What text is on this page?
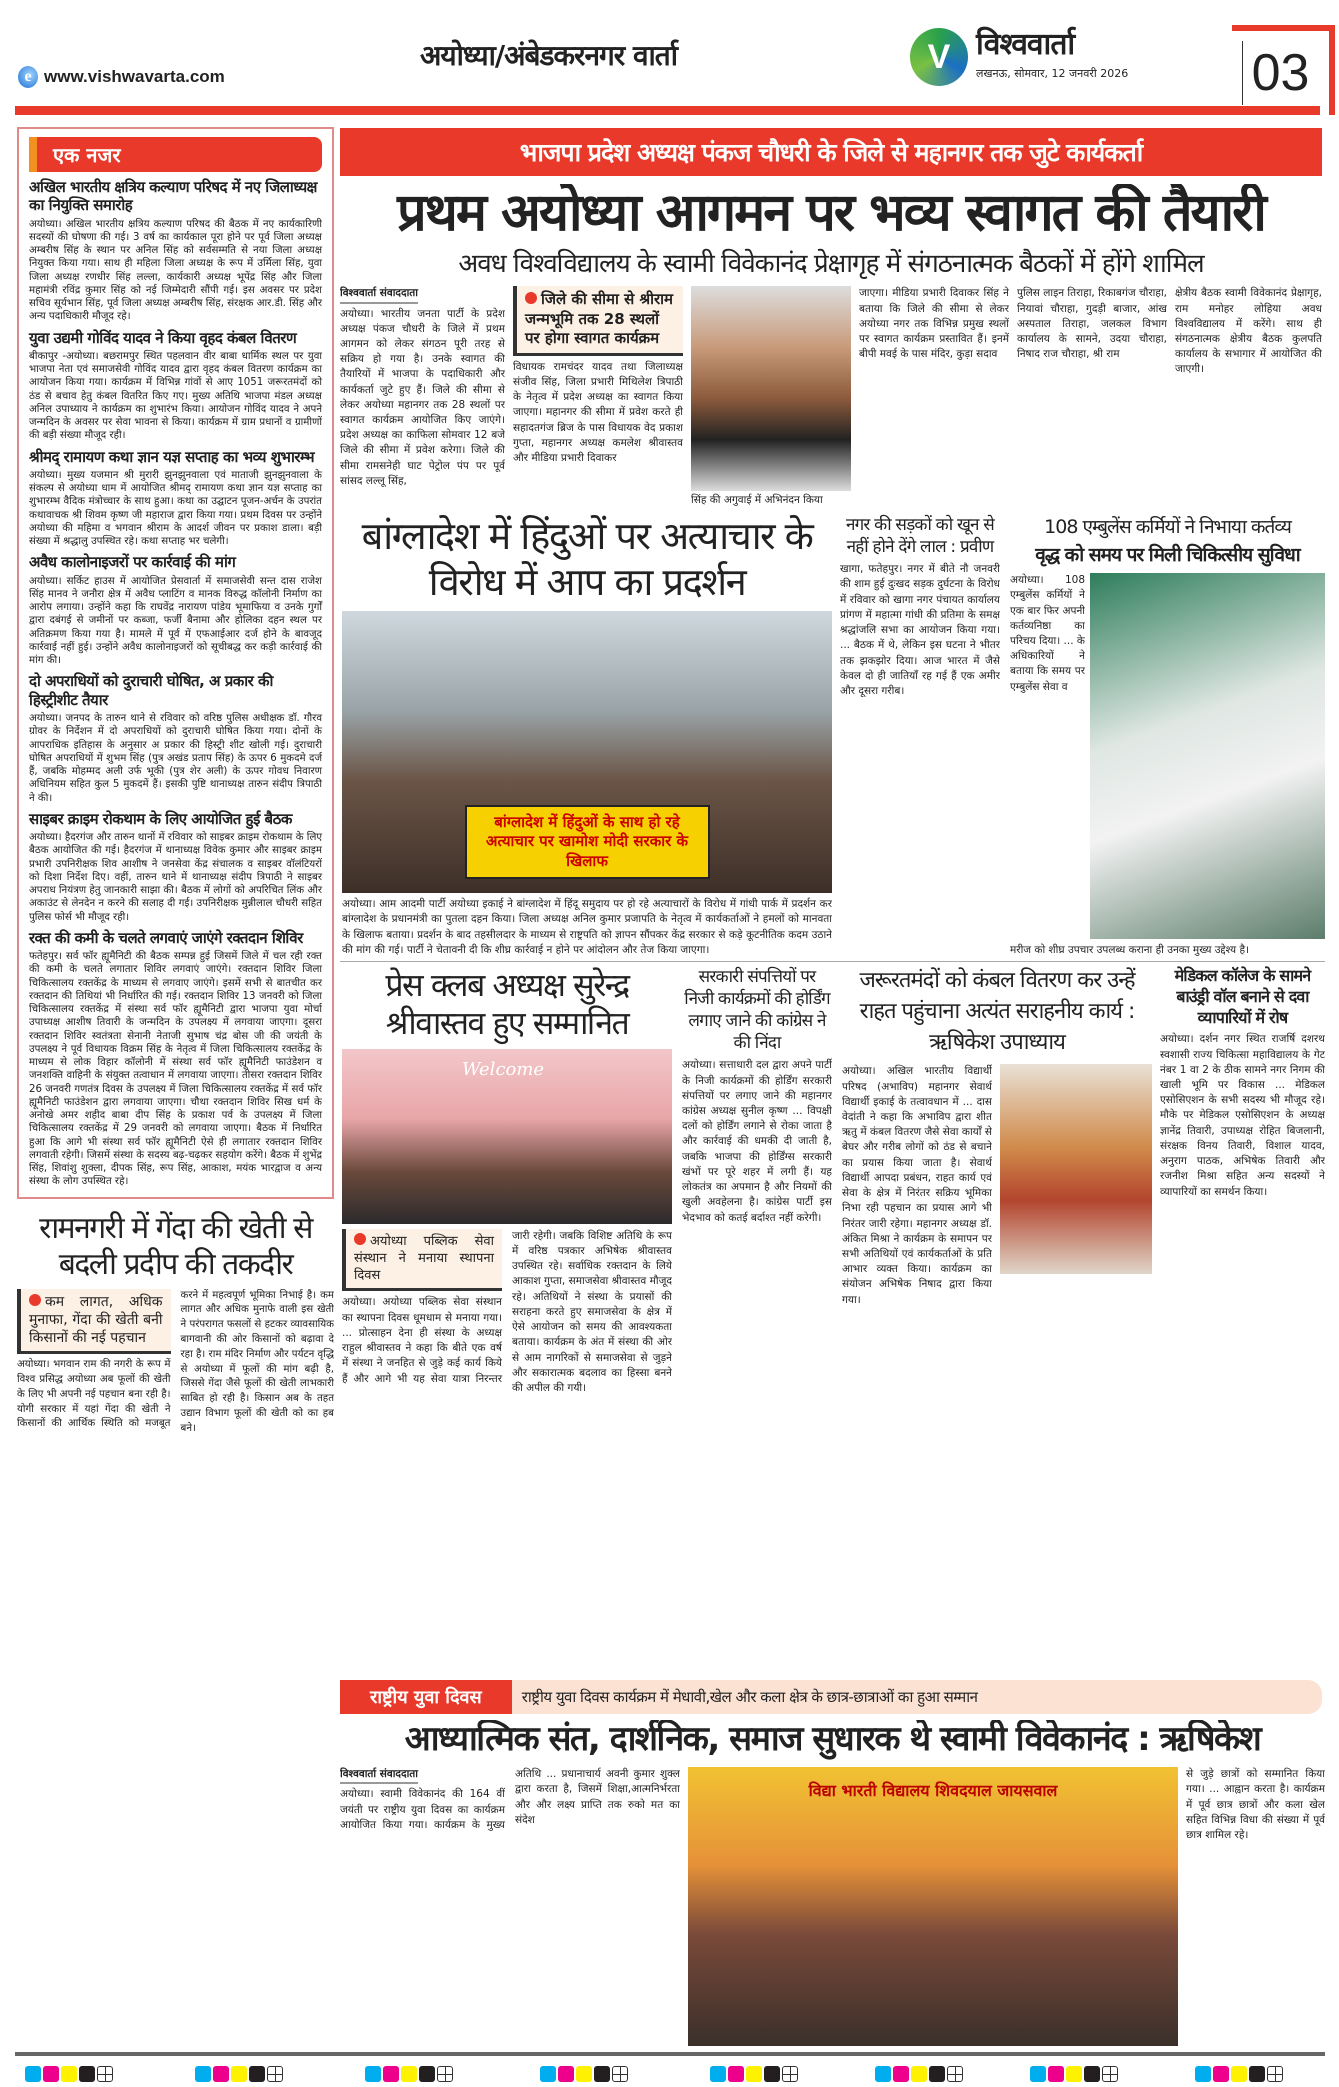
e www.vishwavarta.com
अयोध्या/अंबेडकरनगर वार्ता	V विश्ववार्ता
लखनऊ, सोमवार, 12 जनवरी 2026	03
एक नजर
अखिल भारतीय क्षत्रिय कल्याण परिषद में नए जिलाध्यक्ष का नियुक्ति समारोह

अयोध्या। अखिल भारतीय क्षत्रिय कल्याण परिषद की बैठक में नए कार्यकारिणी सदस्यों की घोषणा की गई। 3 वर्ष का कार्यकाल पूरा होने पर पूर्व जिला अध्यक्ष अम्बरीष सिंह के स्थान पर अनिल सिंह को सर्वसम्मति से नया जिला अध्यक्ष नियुक्त किया गया। साथ ही महिला जिला अध्यक्ष के रूप में उर्मिला सिंह, युवा जिला अध्यक्ष रणधीर सिंह लल्ला, कार्यकारी अध्यक्ष भूपेंद्र सिंह और जिला महामंत्री रविंद्र कुमार सिंह को नई जिम्मेदारी सौंपी गई। इस अवसर पर प्रदेश सचिव सूर्यभान सिंह, पूर्व जिला अध्यक्ष अम्बरीष सिंह, संरक्षक आर.डी. सिंह और अन्य पदाधिकारी मौजूद रहे।

युवा उद्यमी गोविंद यादव ने किया वृहद कंबल वितरण

बीकापुर -अयोध्या। बछरामपुर स्थित पहलवान वीर बाबा धार्मिक स्थल पर युवा भाजपा नेता एवं समाजसेवी गोविंद यादव द्वारा वृहद कंबल वितरण कार्यक्रम का आयोजन किया गया। कार्यक्रम में विभिन्न गांवों से आए 1051 जरूरतमंदों को ठंड से बचाव हेतु कंबल वितरित किए गए। मुख्य अतिथि भाजपा मंडल अध्यक्ष अनिल उपाध्याय ने कार्यक्रम का शुभारंभ किया। आयोजन गोविंद यादव ने अपने जन्मदिन के अवसर पर सेवा भावना से किया। कार्यक्रम में ग्राम प्रधानों व ग्रामीणों की बड़ी संख्या मौजूद रही।

श्रीमद् रामायण कथा ज्ञान यज्ञ सप्ताह का भव्य शुभारम्भ

अयोध्या। मुख्य यजमान श्री मुरारी झुनझुनवाला एवं माताजी झुनझुनवाला के संकल्प से अयोध्या धाम में आयोजित श्रीमद् रामायण कथा ज्ञान यज्ञ सप्ताह का शुभारम्भ वैदिक मंत्रोच्चार के साथ हुआ। कथा का उद्घाटन पूजन-अर्चन के उपरांत कथावाचक श्री शिवम कृष्ण जी महाराज द्वारा किया गया। प्रथम दिवस पर उन्होंने अयोध्या की महिमा व भगवान श्रीराम के आदर्श जीवन पर प्रकाश डाला। बड़ी संख्या में श्रद्धालु उपस्थित रहे। कथा सप्ताह भर चलेगी।

अवैध कालोनाइजरों पर कार्रवाई की मांग

अयोध्या। सर्किट हाउस में आयोजित प्रेसवार्ता में समाजसेवी सन्त दास राजेश सिंह मानव ने जनौरा क्षेत्र में अवैध प्लाटिंग व मानक विरुद्ध कॉलोनी निर्माण का आरोप लगाया। उन्होंने कहा कि राघवेंद्र नारायण पांडेय भूमाफिया व उनके गुर्गों द्वारा दबंगई से जमीनों पर कब्जा, फर्जी बैनामा और होलिका दहन स्थल पर अतिक्रमण किया गया है। मामले में पूर्व में एफआईआर दर्ज होने के बावजूद कार्रवाई नहीं हुई। उन्होंने अवैध कालोनाइजरों को सूचीबद्ध कर कड़ी कार्रवाई की मांग की।

दो अपराधियों को दुराचारी घोषित, अ प्रकार की हिस्ट्रीशीट तैयार

अयोध्या। जनपद के तारुन थाने से रविवार को वरिष्ठ पुलिस अधीक्षक डॉ. गौरव ग्रोवर के निर्देशन में दो अपराधियों को दुराचारी घोषित किया गया। दोनों के आपराधिक इतिहास के अनुसार अ प्रकार की हिस्ट्री शीट खोली गई। दुराचारी घोषित अपराधियों में शुभम सिंह (पुत्र अखंड प्रताप सिंह) के ऊपर 6 मुकदमे दर्ज हैं, जबकि मोहम्मद अली उर्फ भूकी (पुत्र शेर अली) के ऊपर गोवध निवारण अधिनियम सहित कुल 5 मुकदमें हैं। इसकी पुष्टि थानाध्यक्ष तारुन संदीप त्रिपाठी ने की।

साइबर क्राइम रोकथाम के लिए आयोजित हुई बैठक

अयोध्या। हैदरगंज और तारुन थानों में रविवार को साइबर क्राइम रोकथाम के लिए बैठक आयोजित की गई। हैदरगंज में थानाध्यक्ष विवेक कुमार और साइबर क्राइम प्रभारी उपनिरीक्षक शिव आशीष ने जनसेवा केंद्र संचालक व साइबर वॉलंटियरों को दिशा निर्देश दिए। वहीं, तारुन थाने में थानाध्यक्ष संदीप त्रिपाठी ने साइबर अपराध नियंत्रण हेतु जानकारी साझा की। बैठक में लोगों को अपरिचित लिंक और अकाउंट से लेनदेन न करने की सलाह दी गई। उपनिरीक्षक मुन्नीलाल चौधरी सहित पुलिस फोर्स भी मौजूद रही।

रक्त की कमी के चलते लगवाएं जाएंगे रक्तदान शिविर

फतेहपुर। सर्व फॉर ह्यूमैनिटी की बैठक सम्पन्न हुई जिसमें जिले में चल रही रक्त की कमी के चलते लगातार शिविर लगवाएं जाएंगे। रक्तदान शिविर जिला चिकित्सालय रक्तकेंद्र के माध्यम से लगवाए जाएंगे। इसमें सभी से बातचीत कर रक्तदान की तिथियां भी निर्धारित की गई। रक्तदान शिविर 13 जनवरी को जिला चिकित्सालय रक्तकेंद्र में संस्था सर्व फॉर ह्यूमैनिटी द्वारा भाजपा युवा मोर्चा उपाध्यक्ष आशीष तिवारी के जन्मदिन के उपलक्ष्य में लगवाया जाएगा। दूसरा रक्तदान शिविर स्वतंत्रता सेनानी नेताजी सुभाष चंद्र बोस जी की जयंती के उपलक्ष्य ने पूर्व विधायक विक्रम सिंह के नेतृत्व में जिला चिकित्सालय रक्तकेंद्र के माध्यम से लोक विहार कॉलोनी में संस्था सर्व फॉर ह्यूमैनिटी फाउंडेशन व जनशक्ति वाहिनी के संयुक्त तत्वाधान में लगवाया जाएगा। तीसरा रक्तदान शिविर 26 जनवरी गणतंत्र दिवस के उपलक्ष्य में जिला चिकित्सालय रक्तकेंद्र में सर्व फॉर ह्यूमैनिटी फाउंडेशन द्वारा लगवाया जाएगा। चौथा रक्तदान शिविर सिख धर्म के अनोखे अमर शहीद बाबा दीप सिंह के प्रकाश पर्व के उपलक्ष्य में जिला चिकित्सालय रक्तकेंद्र में 29 जनवरी को लगवाया जाएगा। बैठक में निर्धारित हुआ कि आगे भी संस्था सर्व फॉर ह्यूमैनिटी ऐसे ही लगातार रक्तदान शिविर लगवाती रहेगी। जिसमें संस्था के सदस्य बढ़-चढ़कर सहयोग करेंगे। बैठक में शुभेंद्र सिंह, शिवांशु शुक्ला, दीपक सिंह, रूप सिंह, आकाश, मयंक भारद्वाज व अन्य संस्था के लोग उपस्थित रहे।

रामनगरी में गेंदा की खेती से बदली प्रदीप की तकदीर
कम लागत, अधिक मुनाफा, गेंदा की खेती बनी किसानों की नई पहचान
अयोध्या। भगवान राम की नगरी के रूप में विश्व प्रसिद्ध अयोध्या अब फूलों की खेती के लिए भी अपनी नई पहचान बना रही है। योगी सरकार में यहां गेंदा की खेती ने किसानों की आर्थिक स्थिति को मजबूत करने में महत्वपूर्ण भूमिका निभाई है। कम लागत और अधिक मुनाफे वाली इस खेती ने परंपरागत फसलों से हटकर व्यावसायिक बागवानी की ओर किसानों को बढ़ावा दे रहा है। राम मंदिर निर्माण और पर्यटन वृद्धि से अयोध्या में फूलों की मांग बढ़ी है, जिससे गेंदा जैसे फूलों की खेती लाभकारी साबित हो रही है। किसान अब के तहत उद्यान विभाग फूलों की खेती को का हब बने।
भाजपा प्रदेश अध्यक्ष पंकज चौधरी के जिले से महानगर तक जुटे कार्यकर्ता
प्रथम अयोध्या आगमन पर भव्य स्वागत की तैयारी
अवध विश्वविद्यालय के स्वामी विवेकानंद प्रेक्षागृह में संगठनात्मक बैठकों में होंगे शामिल
विश्ववार्ता संवाददाता
अयोध्या। भारतीय जनता पार्टी के प्रदेश अध्यक्ष पंकज चौधरी के जिले में प्रथम आगमन को लेकर संगठन पूरी तरह से सक्रिय हो गया है। उनके स्वागत की तैयारियों में भाजपा के पदाधिकारी और कार्यकर्ता जुटे हुए हैं। जिले की सीमा से लेकर अयोध्या महानगर तक 28 स्थलों पर स्वागत कार्यक्रम आयोजित किए जाएंगे। प्रदेश अध्यक्ष का काफिला सोमवार 12 बजे जिले की सीमा में प्रवेश करेगा। जिले की सीमा रामसनेही घाट पेट्रोल पंप पर पूर्व सांसद लल्लू सिंह,
जिले की सीमा से श्रीराम जन्मभूमि तक 28 स्थलों पर होगा स्वागत कार्यक्रम
विधायक रामचंदर यादव तथा जिलाध्यक्ष संजीव सिंह, जिला प्रभारी मिथिलेश त्रिपाठी के नेतृत्व में प्रदेश अध्यक्ष का स्वागत किया जाएगा। महानगर की सीमा में प्रवेश करते ही सहादतगंज ब्रिज के पास विधायक वेद प्रकाश गुप्ता, महानगर अध्यक्ष कमलेश श्रीवास्तव और मीडिया प्रभारी दिवाकर
सिंह की अगुवाई में अभिनंदन किया
जाएगा। मीडिया प्रभारी दिवाकर सिंह ने बताया कि जिले की सीमा से लेकर अयोध्या नगर तक विभिन्न प्रमुख स्थलों पर स्वागत कार्यक्रम प्रस्तावित हैं। इनमें बीपी मवई के पास मंदिर, कुड़ा सदाव
पुलिस लाइन तिराहा, रिकाबगंज चौराहा, नियावां चौराहा, गुदड़ी बाजार, आंख अस्पताल तिराहा, जलकल विभाग कार्यालय के सामने, उदया चौराहा, निषाद राज चौराहा, श्री राम
क्षेत्रीय बैठक स्वामी विवेकानंद प्रेक्षागृह, राम मनोहर लोहिया अवध विश्वविद्यालय में करेंगे। साथ ही संगठनात्मक क्षेत्रीय बैठक कुलपति कार्यालय के सभागार में आयोजित की जाएगी।
बांग्लादेश में हिंदुओं पर अत्याचार के विरोध में आप का प्रदर्शन
बांग्लादेश में हिंदुओं के साथ हो रहे अत्याचार पर खामोश मोदी सरकार के खिलाफ
अयोध्या। आम आदमी पार्टी अयोध्या इकाई ने बांग्लादेश में हिंदू समुदाय पर हो रहे अत्याचारों के विरोध में गांधी पार्क में प्रदर्शन कर बांग्लादेश के प्रधानमंत्री का पुतला दहन किया। जिला अध्यक्ष अनिल कुमार प्रजापति के नेतृत्व में कार्यकर्ताओं ने हमलों को मानवता के खिलाफ बताया। प्रदर्शन के बाद तहसीलदार के माध्यम से राष्ट्रपति को ज्ञापन सौंपकर केंद्र सरकार से कड़े कूटनीतिक कदम उठाने की मांग की गई। पार्टी ने चेतावनी दी कि शीघ्र कार्रवाई न होने पर आंदोलन और तेज किया जाएगा।
नगर की सड़कों को खून से नहीं होने देंगे लाल : प्रवीण
खागा, फतेहपुर। नगर में बीते नौ जनवरी की शाम हुई दुःखद सड़क दुर्घटना के विरोध में रविवार को खागा नगर पंचायत कार्यालय प्रांगण में महात्मा गांधी की प्रतिमा के समक्ष श्रद्धांजलि सभा का आयोजन किया गया। ... बैठक में थे, लेकिन इस घटना ने भीतर तक झकझोर दिया। आज भारत में जैसे केवल दो ही जातियाँ रह गई हैं एक अमीर और दूसरा गरीब।
108 एम्बुलेंस कर्मियों ने निभाया कर्तव्य
वृद्ध को समय पर मिली चिकित्सीय सुविधा
अयोध्या। 108 एम्बुलेंस कर्मियों ने एक बार फिर अपनी कर्तव्यनिष्ठा का परिचय दिया। ... के अधिकारियों ने बताया कि समय पर एम्बुलेंस सेवा व
मरीज को शीघ्र उपचार उपलब्ध कराना ही उनका मुख्य उद्देश्य है।
प्रेस क्लब अध्यक्ष सुरेन्द्र श्रीवास्तव हुए सम्मानित
Welcome
अयोध्या पब्लिक सेवा संस्थान ने मनाया स्थापना दिवस
अयोध्या। अयोध्या पब्लिक सेवा संस्थान का स्थापना दिवस धूमधाम से मनाया गया। ... प्रोत्साहन देना ही संस्था के अध्यक्ष राहुल श्रीवास्तव ने कहा कि बीते एक वर्ष में संस्था ने जनहित से जुड़े कई कार्य किये हैं और आगे भी यह सेवा यात्रा निरन्तर जारी रहेगी। जबकि विशिष्ट अतिथि के रूप में वरिष्ठ पत्रकार अभिषेक श्रीवास्तव उपस्थित रहे। सर्वाधिक रक्तदान के लिये आकाश गुप्ता, समाजसेवा श्रीवास्तव मौजूद रहे। अतिथियों ने संस्था के प्रयासों की सराहना करते हुए समाजसेवा के क्षेत्र में ऐसे आयोजन को समय की आवश्यकता बताया। कार्यक्रम के अंत में संस्था की ओर से आम नागरिकों से समाजसेवा से जुड़ने और सकारात्मक बदलाव का हिस्सा बनने की अपील की गयी।
सरकारी संपत्तियों पर निजी कार्यक्रमों की होर्डिंग लगाए जाने की कांग्रेस ने की निंदा
अयोध्या। सत्ताधारी दल द्वारा अपने पार्टी के निजी कार्यक्रमों की होर्डिंग सरकारी संपत्तियों पर लगाए जाने की महानगर कांग्रेस अध्यक्ष सुनील कृष्ण ... विपक्षी दलों को होर्डिंग लगाने से रोका जाता है और कार्रवाई की धमकी दी जाती है, जबकि भाजपा की होर्डिंग्स सरकारी खंभों पर पूरे शहर में लगी हैं। यह लोकतंत्र का अपमान है और नियमों की खुली अवहेलना है। कांग्रेस पार्टी इस भेदभाव को कतई बर्दाश्त नहीं करेगी।
जरूरतमंदों को कंबल वितरण कर उन्हें राहत पहुंचाना अत्यंत सराहनीय कार्य : ऋषिकेश उपाध्याय
अयोध्या। अखिल भारतीय विद्यार्थी परिषद (अभाविप) महानगर सेवार्थ विद्यार्थी इकाई के तत्वावधान में ... दास वेदांती ने कहा कि अभाविप द्वारा शीत ऋतु में कंबल वितरण जैसे सेवा कार्यों से बेघर और गरीब लोगों को ठंड से बचाने का प्रयास किया जाता है। सेवार्थ विद्यार्थी आपदा प्रबंधन, राहत कार्य एवं सेवा के क्षेत्र में निरंतर सक्रिय भूमिका निभा रही पहचान का प्रयास आगे भी निरंतर जारी रहेगा। महानगर अध्यक्ष डॉ. अंकित मिश्रा ने कार्यक्रम के समापन पर सभी अतिथियों एवं कार्यकर्ताओं के प्रति आभार व्यक्त किया। कार्यक्रम का संयोजन अभिषेक निषाद द्वारा किया गया।
मेडिकल कॉलेज के सामने बाउंड्री वॉल बनाने से दवा व्यापारियों में रोष
अयोध्या। दर्शन नगर स्थित राजर्षि दशरथ स्वशासी राज्य चिकित्सा महाविद्यालय के गेट नंबर 1 वा 2 के ठीक सामने नगर निगम की खाली भूमि पर विकास ... मेडिकल एसोसिएशन के सभी सदस्य भी मौजूद रहे। मौके पर मेडिकल एसोसिएशन के अध्यक्ष ज्ञानेंद्र तिवारी, उपाध्यक्ष रोहित बिजलानी, संरक्षक विनय तिवारी, विशाल यादव, अनुराग पाठक, अभिषेक तिवारी और रजनीश मिश्रा सहित अन्य सदस्यों ने व्यापारियों का समर्थन किया।
राष्ट्रीय युवा दिवस	राष्ट्रीय युवा दिवस कार्यक्रम में मेधावी,खेल और कला क्षेत्र के छात्र-छात्राओं का हुआ सम्मान
आध्यात्मिक संत, दार्शनिक, समाज सुधारक थे स्वामी विवेकानंद : ऋषिकेश
विश्ववार्ता संवाददाता
अयोध्या। स्वामी विवेकानंद की 164 वीं जयंती पर राष्ट्रीय युवा दिवस का कार्यक्रम आयोजित किया गया। कार्यक्रम के मुख्य अतिथि ... प्रधानाचार्य अवनी कुमार शुक्ल द्वारा करता है, जिसमें शिक्षा,आत्मनिर्भरता और और लक्ष्य प्राप्ति तक रुको मत का संदेश
विद्या भारती विद्यालय शिवदयाल जायसवाल
से जुड़े छात्रों को सम्मानित किया गया। ... आह्वान करता है। कार्यक्रम में पूर्व छात्र छात्रों और कला खेल सहित विभिन्न विधा की संख्या में पूर्व छात्र शामिल रहे।
